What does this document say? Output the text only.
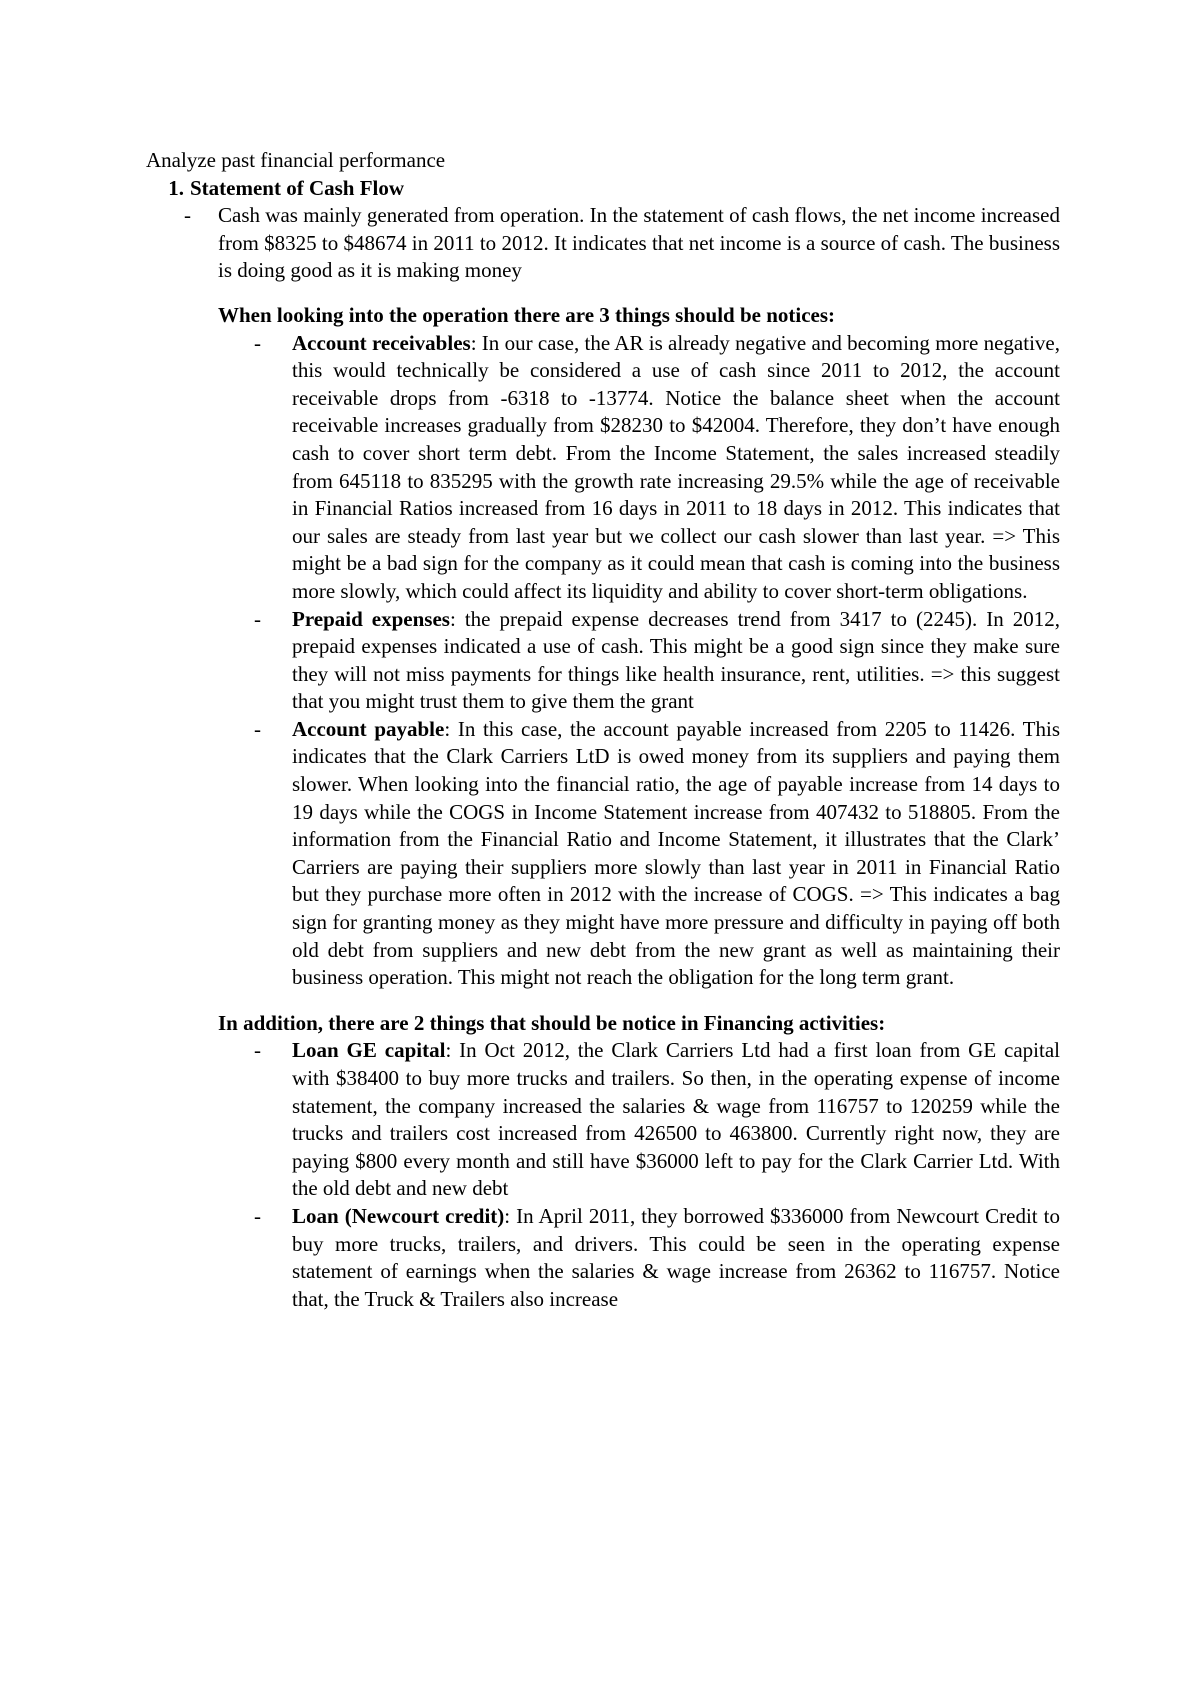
Analyze past financial performance

1. Statement of Cash Flow

- Cash was mainly generated from operation. In the statement of cash flows, the net income increased from $8325 to $48674 in 2011 to 2012. It indicates that net income is a source of cash. The business is doing good as it is making money

When looking into the operation there are 3 things should be notices:

- Account receivables: In our case, the AR is already negative and becoming more negative, this would technically be considered a use of cash since 2011 to 2012, the account receivable drops from -6318 to -13774. Notice the balance sheet when the account receivable increases gradually from $28230 to $42004. Therefore, they don’t have enough cash to cover short term debt. From the Income Statement, the sales increased steadily from 645118 to 835295 with the growth rate increasing 29.5% while the age of receivable in Financial Ratios increased from 16 days in 2011 to 18 days in 2012. This indicates that our sales are steady from last year but we collect our cash slower than last year. => This might be a bad sign for the company as it could mean that cash is coming into the business more slowly, which could affect its liquidity and ability to cover short-term obligations.
- Prepaid expenses: the prepaid expense decreases trend from 3417 to (2245). In 2012, prepaid expenses indicated a use of cash. This might be a good sign since they make sure they will not miss payments for things like health insurance, rent, utilities. => this suggest that you might trust them to give them the grant
- Account payable: In this case, the account payable increased from 2205 to 11426. This indicates that the Clark Carriers LtD is owed money from its suppliers and paying them slower. When looking into the financial ratio, the age of payable increase from 14 days to 19 days while the COGS in Income Statement increase from 407432 to 518805. From the information from the Financial Ratio and Income Statement, it illustrates that the Clark’ Carriers are paying their suppliers more slowly than last year in 2011 in Financial Ratio but they purchase more often in 2012 with the increase of COGS. => This indicates a bag sign for granting money as they might have more pressure and difficulty in paying off both old debt from suppliers and new debt from the new grant as well as maintaining their business operation. This might not reach the obligation for the long term grant.

In addition, there are 2 things that should be notice in Financing activities:

- Loan GE capital: In Oct 2012, the Clark Carriers Ltd had a first loan from GE capital with $38400 to buy more trucks and trailers. So then, in the operating expense of income statement, the company increased the salaries & wage from 116757 to 120259 while the trucks and trailers cost increased from 426500 to 463800. Currently right now, they are paying $800 every month and still have $36000 left to pay for the Clark Carrier Ltd. With the old debt and new debt
- Loan (Newcourt credit): In April 2011, they borrowed $336000 from Newcourt Credit to buy more trucks, trailers, and drivers. This could be seen in the operating expense statement of earnings when the salaries & wage increase from 26362 to 116757. Notice that, the Truck & Trailers also increase
